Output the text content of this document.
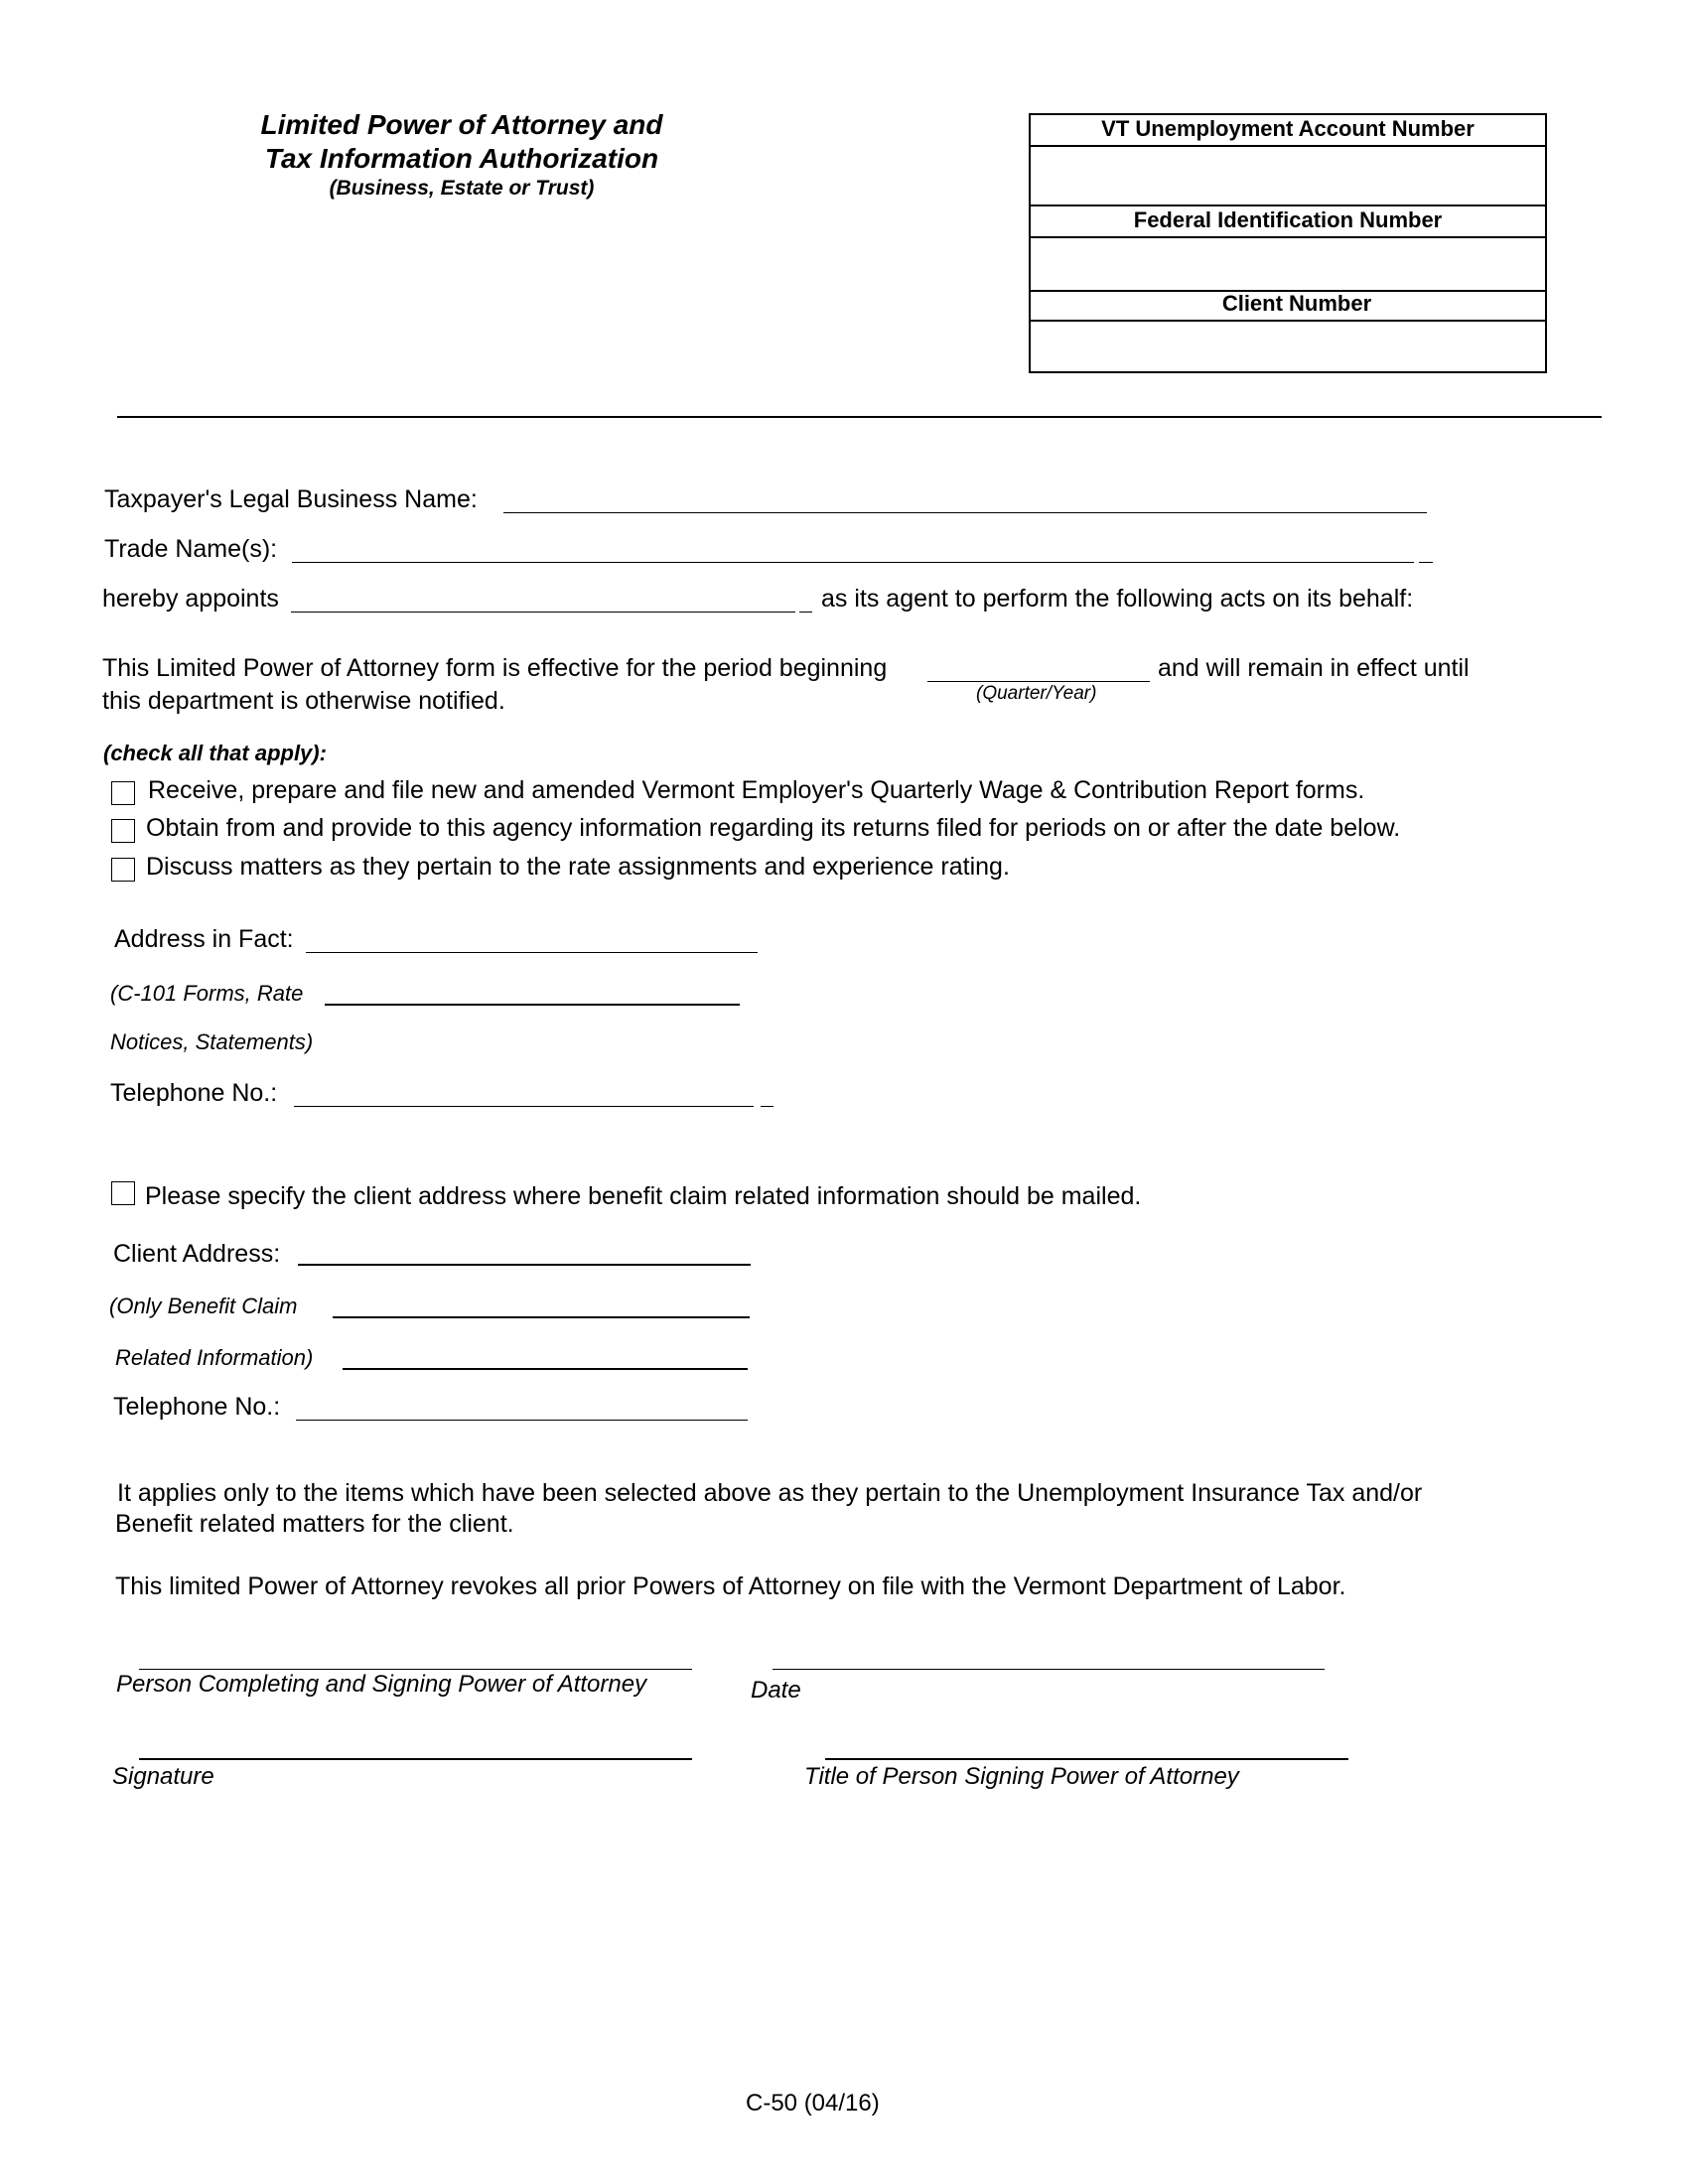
Limited Power of Attorney and
Tax Information Authorization
(Business, Estate or Trust)
VT Unemployment Account Number
Federal Identification Number
Client Number
Taxpayer's Legal Business Name:
Trade Name(s):
hereby appoints	as its agent to perform the following acts on its behalf:
This Limited Power of Attorney form is effective for the period beginning	and will remain in effect until
this department is otherwise notified.	(Quarter/Year)
(check all that apply):
Receive, prepare and file new and amended Vermont Employer's Quarterly Wage & Contribution Report forms.
Obtain from and provide to this agency information regarding its returns filed for periods on or after the date below.
Discuss matters as they pertain to the rate assignments and experience rating.
Address in Fact:
(C-101 Forms, Rate
Notices, Statements)
Telephone No.:
Please specify the client address where benefit claim related information should be mailed.
Client Address:
(Only Benefit Claim
Related Information)
Telephone No.:
It applies only to the items which have been selected above as they pertain to the Unemployment Insurance Tax and/or
Benefit related matters for the client.
This limited Power of Attorney revokes all prior Powers of Attorney on file with the Vermont Department of Labor.
Person Completing and Signing Power of Attorney	Date
Signature	Title of Person Signing Power of Attorney
C-50 (04/16)
